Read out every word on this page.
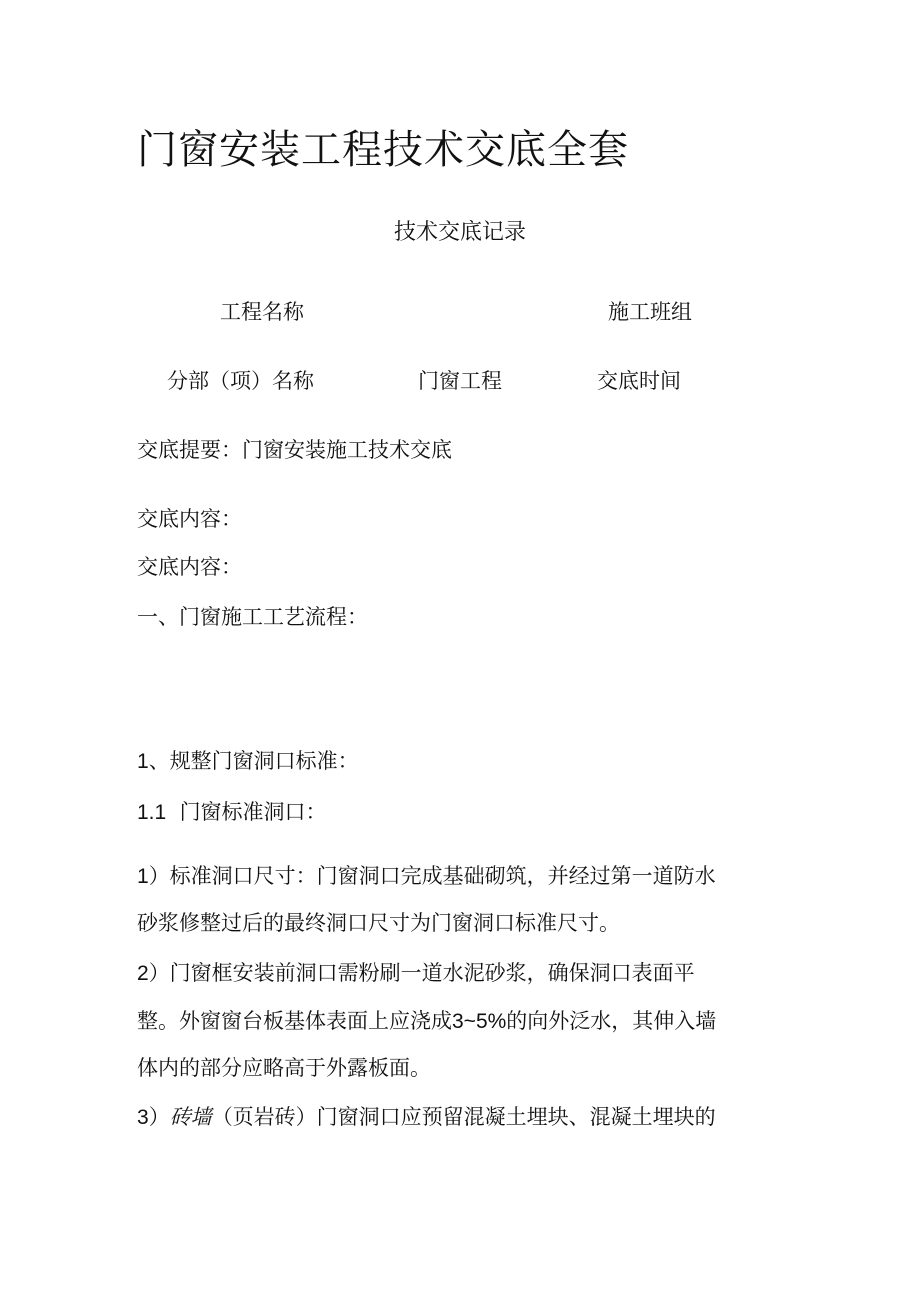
门窗安装工程技术交底全套
技术交底记录
工程名称	施工班组
分部（项）名称	门窗工程	交底时间
交底提要：门窗安装施工技术交底
交底内容：
交底内容：
一、门窗施工工艺流程：
1、规整门窗洞口标准：
1.1 门窗标准洞口：
1）标准洞口尺寸：门窗洞口完成基础砌筑，并经过第一道防水
砂浆修整过后的最终洞口尺寸为门窗洞口标准尺寸。
2）门窗框安装前洞口需粉刷一道水泥砂浆，确保洞口表面平
整。外窗窗台板基体表面上应浇成3~5%的向外泛水，其伸入墙
体内的部分应略高于外露板面。
3）砖墙（页岩砖）门窗洞口应预留混凝土埋块、混凝土埋块的
